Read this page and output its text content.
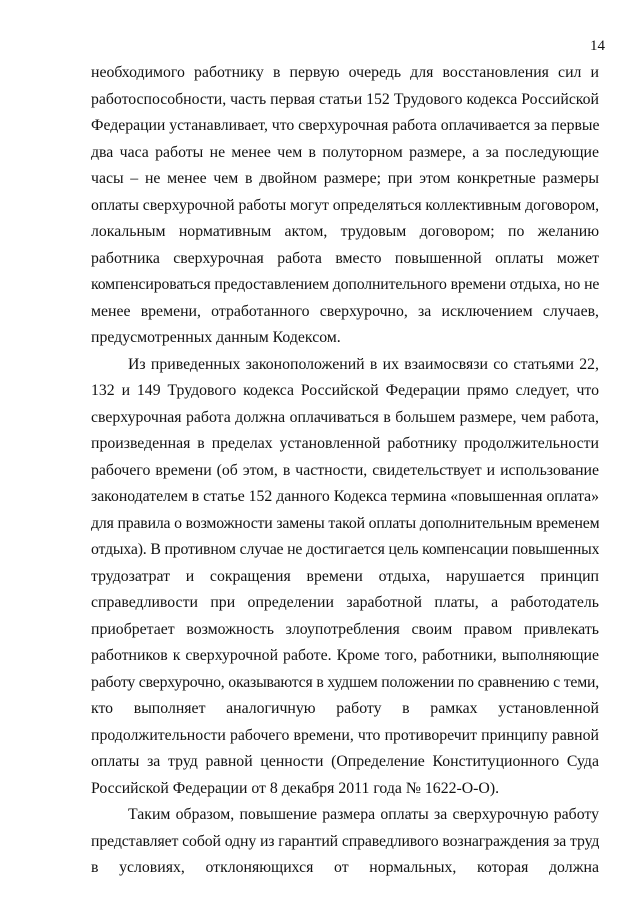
14
необходимого работнику в первую очередь для восстановления сил и
работоспособности, часть первая статьи 152 Трудового кодекса Российской
Федерации устанавливает, что сверхурочная работа оплачивается за первые
два часа работы не менее чем в полуторном размере, а за последующие
часы – не менее чем в двойном размере; при этом конкретные размеры
оплаты сверхурочной работы могут определяться коллективным договором,
локальным нормативным актом, трудовым договором; по желанию
работника сверхурочная работа вместо повышенной оплаты может
компенсироваться предоставлением дополнительного времени отдыха, но не
менее времени, отработанного сверхурочно, за исключением случаев,
предусмотренных данным Кодексом.
Из приведенных законоположений в их взаимосвязи со статьями 22,
132 и 149 Трудового кодекса Российской Федерации прямо следует, что
сверхурочная работа должна оплачиваться в большем размере, чем работа,
произведенная в пределах установленной работнику продолжительности
рабочего времени (об этом, в частности, свидетельствует и использование
законодателем в статье 152 данного Кодекса термина «повышенная оплата»
для правила о возможности замены такой оплаты дополнительным временем
отдыха). В противном случае не достигается цель компенсации повышенных
трудозатрат и сокращения времени отдыха, нарушается принцип
справедливости при определении заработной платы, а работодатель
приобретает возможность злоупотребления своим правом привлекать
работников к сверхурочной работе. Кроме того, работники, выполняющие
работу сверхурочно, оказываются в худшем положении по сравнению с теми,
кто выполняет аналогичную работу в рамках установленной
продолжительности рабочего времени, что противоречит принципу равной
оплаты за труд равной ценности (Определение Конституционного Суда
Российской Федерации от 8 декабря 2011 года № 1622-О-О).
Таким образом, повышение размера оплаты за сверхурочную работу
представляет собой одну из гарантий справедливого вознаграждения за труд
в условиях, отклоняющихся от нормальных, которая должна
